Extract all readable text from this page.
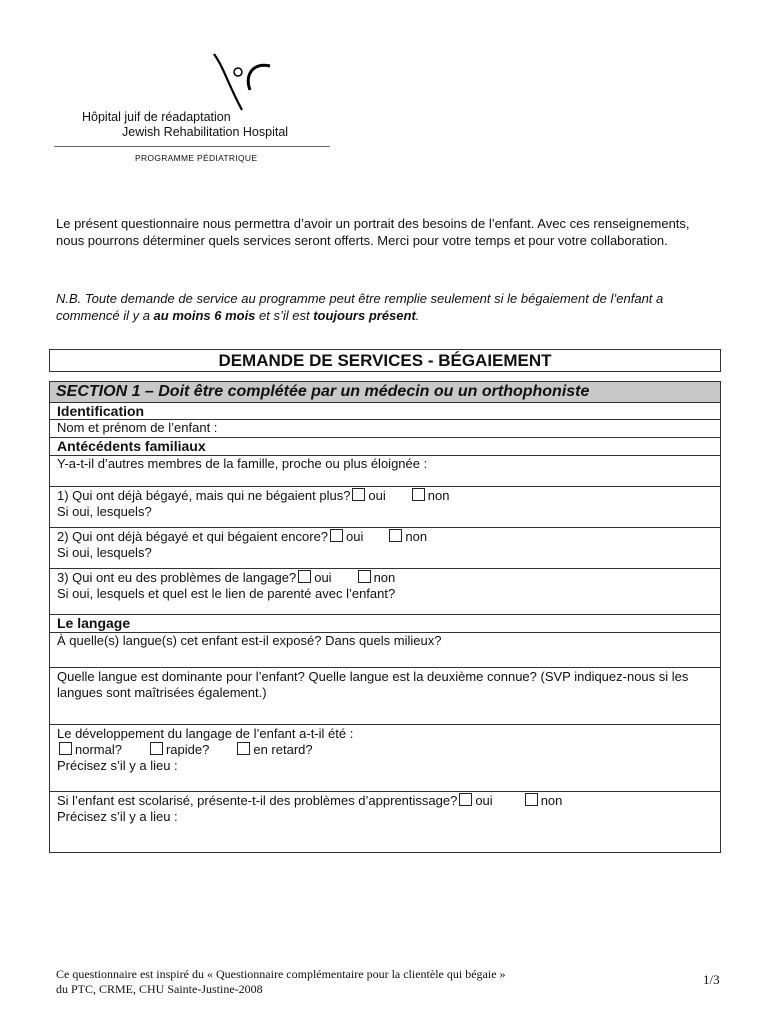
Hôpital juif de réadaptation
Jewish Rehabilitation Hospital
PROGRAMME PÉDIATRIQUE
Le présent questionnaire nous permettra d’avoir un portrait des besoins de l’enfant. Avec ces renseignements, nous pourrons déterminer quels services seront offerts. Merci pour votre temps et pour votre collaboration.
N.B. Toute demande de service au programme peut être remplie seulement si le bégaiement de l’enfant a commencé il y a au moins 6 mois et s’il est toujours présent.
DEMANDE DE SERVICES - BÉGAIEMENT
SECTION 1 – Doit être complétée par un médecin ou un orthophoniste
Identification
Nom et prénom de l’enfant :
Antécédents familiaux
Y-a-t-il d’autres membres de la famille, proche ou plus éloignée :
1) Qui ont déjà bégayé, mais qui ne bégaient plus? oui	non
Si oui, lesquels?
2) Qui ont déjà bégayé et qui bégaient encore? oui	non
Si oui, lesquels?
3) Qui ont eu des problèmes de langage? oui	non
Si oui, lesquels et quel est le lien de parenté avec l’enfant?
Le langage
À quelle(s) langue(s) cet enfant est-il exposé? Dans quels milieux?
Quelle langue est dominante pour l’enfant? Quelle langue est la deuxième connue? (SVP indiquez-nous si les langues sont maîtrisées également.)
Le développement du langage de l’enfant a-t-il été :
normal?	rapide?	en retard?
Précisez s’il y a lieu :
Si l’enfant est scolarisé, présente-t-il des problèmes d’apprentissage? oui	non
Précisez s’il y a lieu :
Ce questionnaire est inspiré du « Questionnaire complémentaire pour la clientèle qui bégaie »
du PTC, CRME, CHU Sainte-Justine-2008
1/3
